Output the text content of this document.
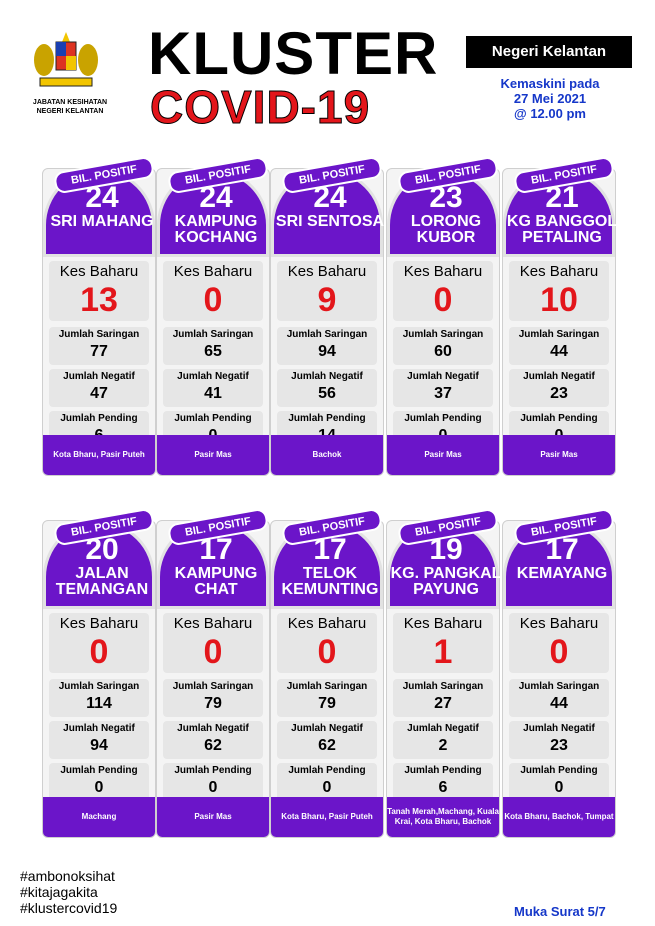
JABATAN KESIHATAN NEGERI KELANTAN
KLUSTER
COVID-19
Negeri Kelantan
Kemaskini pada
27 Mei 2021
@ 12.00 pm
BIL. POSITIF
24
SRI MAHANG
Kes Baharu
13
Jumlah Saringan
77
Jumlah Negatif
47
Jumlah Pending
Kota Bharu, Pasir Puteh
BIL. POSITIF
24
KAMPUNG KOCHANG
Kes Baharu
0
Jumlah Saringan
65
Jumlah Negatif
41
Jumlah Pending
Pasir Mas
BIL. POSITIF
24
SRI SENTOSA
Kes Baharu
9
Jumlah Saringan
94
Jumlah Negatif
56
Jumlah Pending
Bachok
BIL. POSITIF
23
LORONG KUBOR
Kes Baharu
0
Jumlah Saringan
60
Jumlah Negatif
37
Jumlah Pending
Pasir Mas
BIL. POSITIF
21
KG BANGGOL PETALING
Kes Baharu
10
Jumlah Saringan
44
Jumlah Negatif
23
Jumlah Pending
Pasir Mas
BIL. POSITIF
20
JALAN TEMANGAN
Kes Baharu
0
Jumlah Saringan
114
Jumlah Negatif
94
Jumlah Pending
0
Machang
BIL. POSITIF
17
KAMPUNG CHAT
Kes Baharu
0
Jumlah Saringan
79
Jumlah Negatif
62
Jumlah Pending
0
Pasir Mas
BIL. POSITIF
17
TELOK KEMUNTING
Kes Baharu
0
Jumlah Saringan
79
Jumlah Negatif
62
Jumlah Pending
0
Kota Bharu, Pasir Puteh
BIL. POSITIF
19
KG. PANGKAL PAYUNG
Kes Baharu
1
Jumlah Saringan
27
Jumlah Negatif
2
Jumlah Pending
6
Tanah Merah,Machang, Kuala Krai, Kota Bharu, Bachok
BIL. POSITIF
17
KEMAYANG
Kes Baharu
0
Jumlah Saringan
44
Jumlah Negatif
23
Jumlah Pending
0
Kota Bharu, Bachok, Tumpat
#ambonoksihat
#kitajagakita
#klustercovid19	Muka Surat 5/7
